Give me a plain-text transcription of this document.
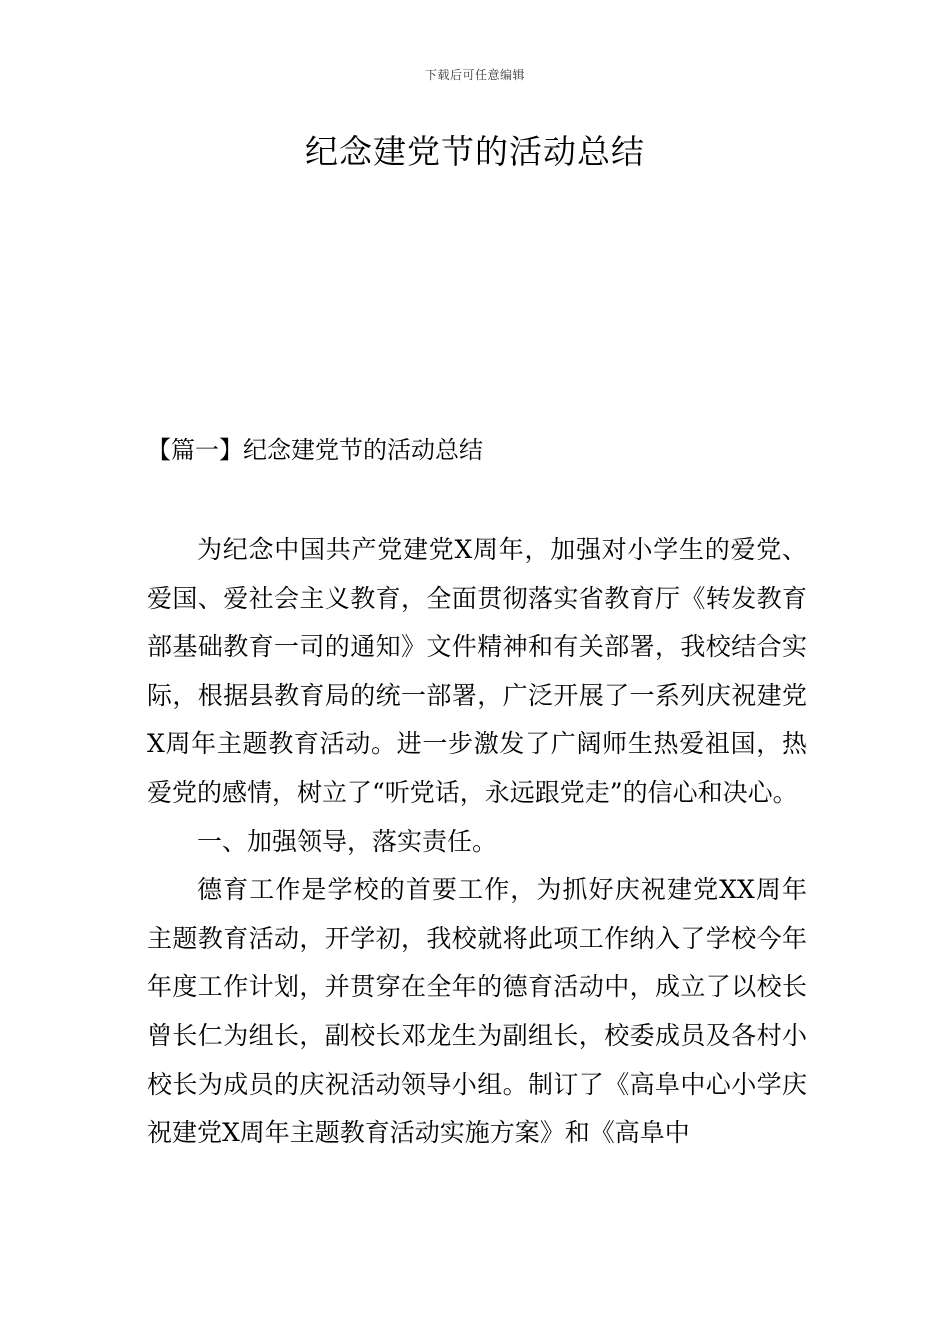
下载后可任意编辑
纪念建党节的活动总结
【篇一】纪念建党节的活动总结

为纪念中国共产党建党X周年，加强对小学生的爱党、爱国、爱社会主义教育，全面贯彻落实省教育厅《转发教育部基础教育一司的通知》文件精神和有关部署，我校结合实际，根据县教育局的统一部署，广泛开展了一系列庆祝建党X周年主题教育活动。进一步激发了广阔师生热爱祖国，热爱党的感情，树立了“听党话，永远跟党走”的信心和决心。

一、加强领导，落实责任。

德育工作是学校的首要工作，为抓好庆祝建党XX周年主题教育活动，开学初，我校就将此项工作纳入了学校今年年度工作计划，并贯穿在全年的德育活动中，成立了以校长曾长仁为组长，副校长邓龙生为副组长，校委成员及各村小校长为成员的庆祝活动领导小组。制订了《高阜中心小学庆祝建党X周年主题教育活动实施方案》和《高阜中
